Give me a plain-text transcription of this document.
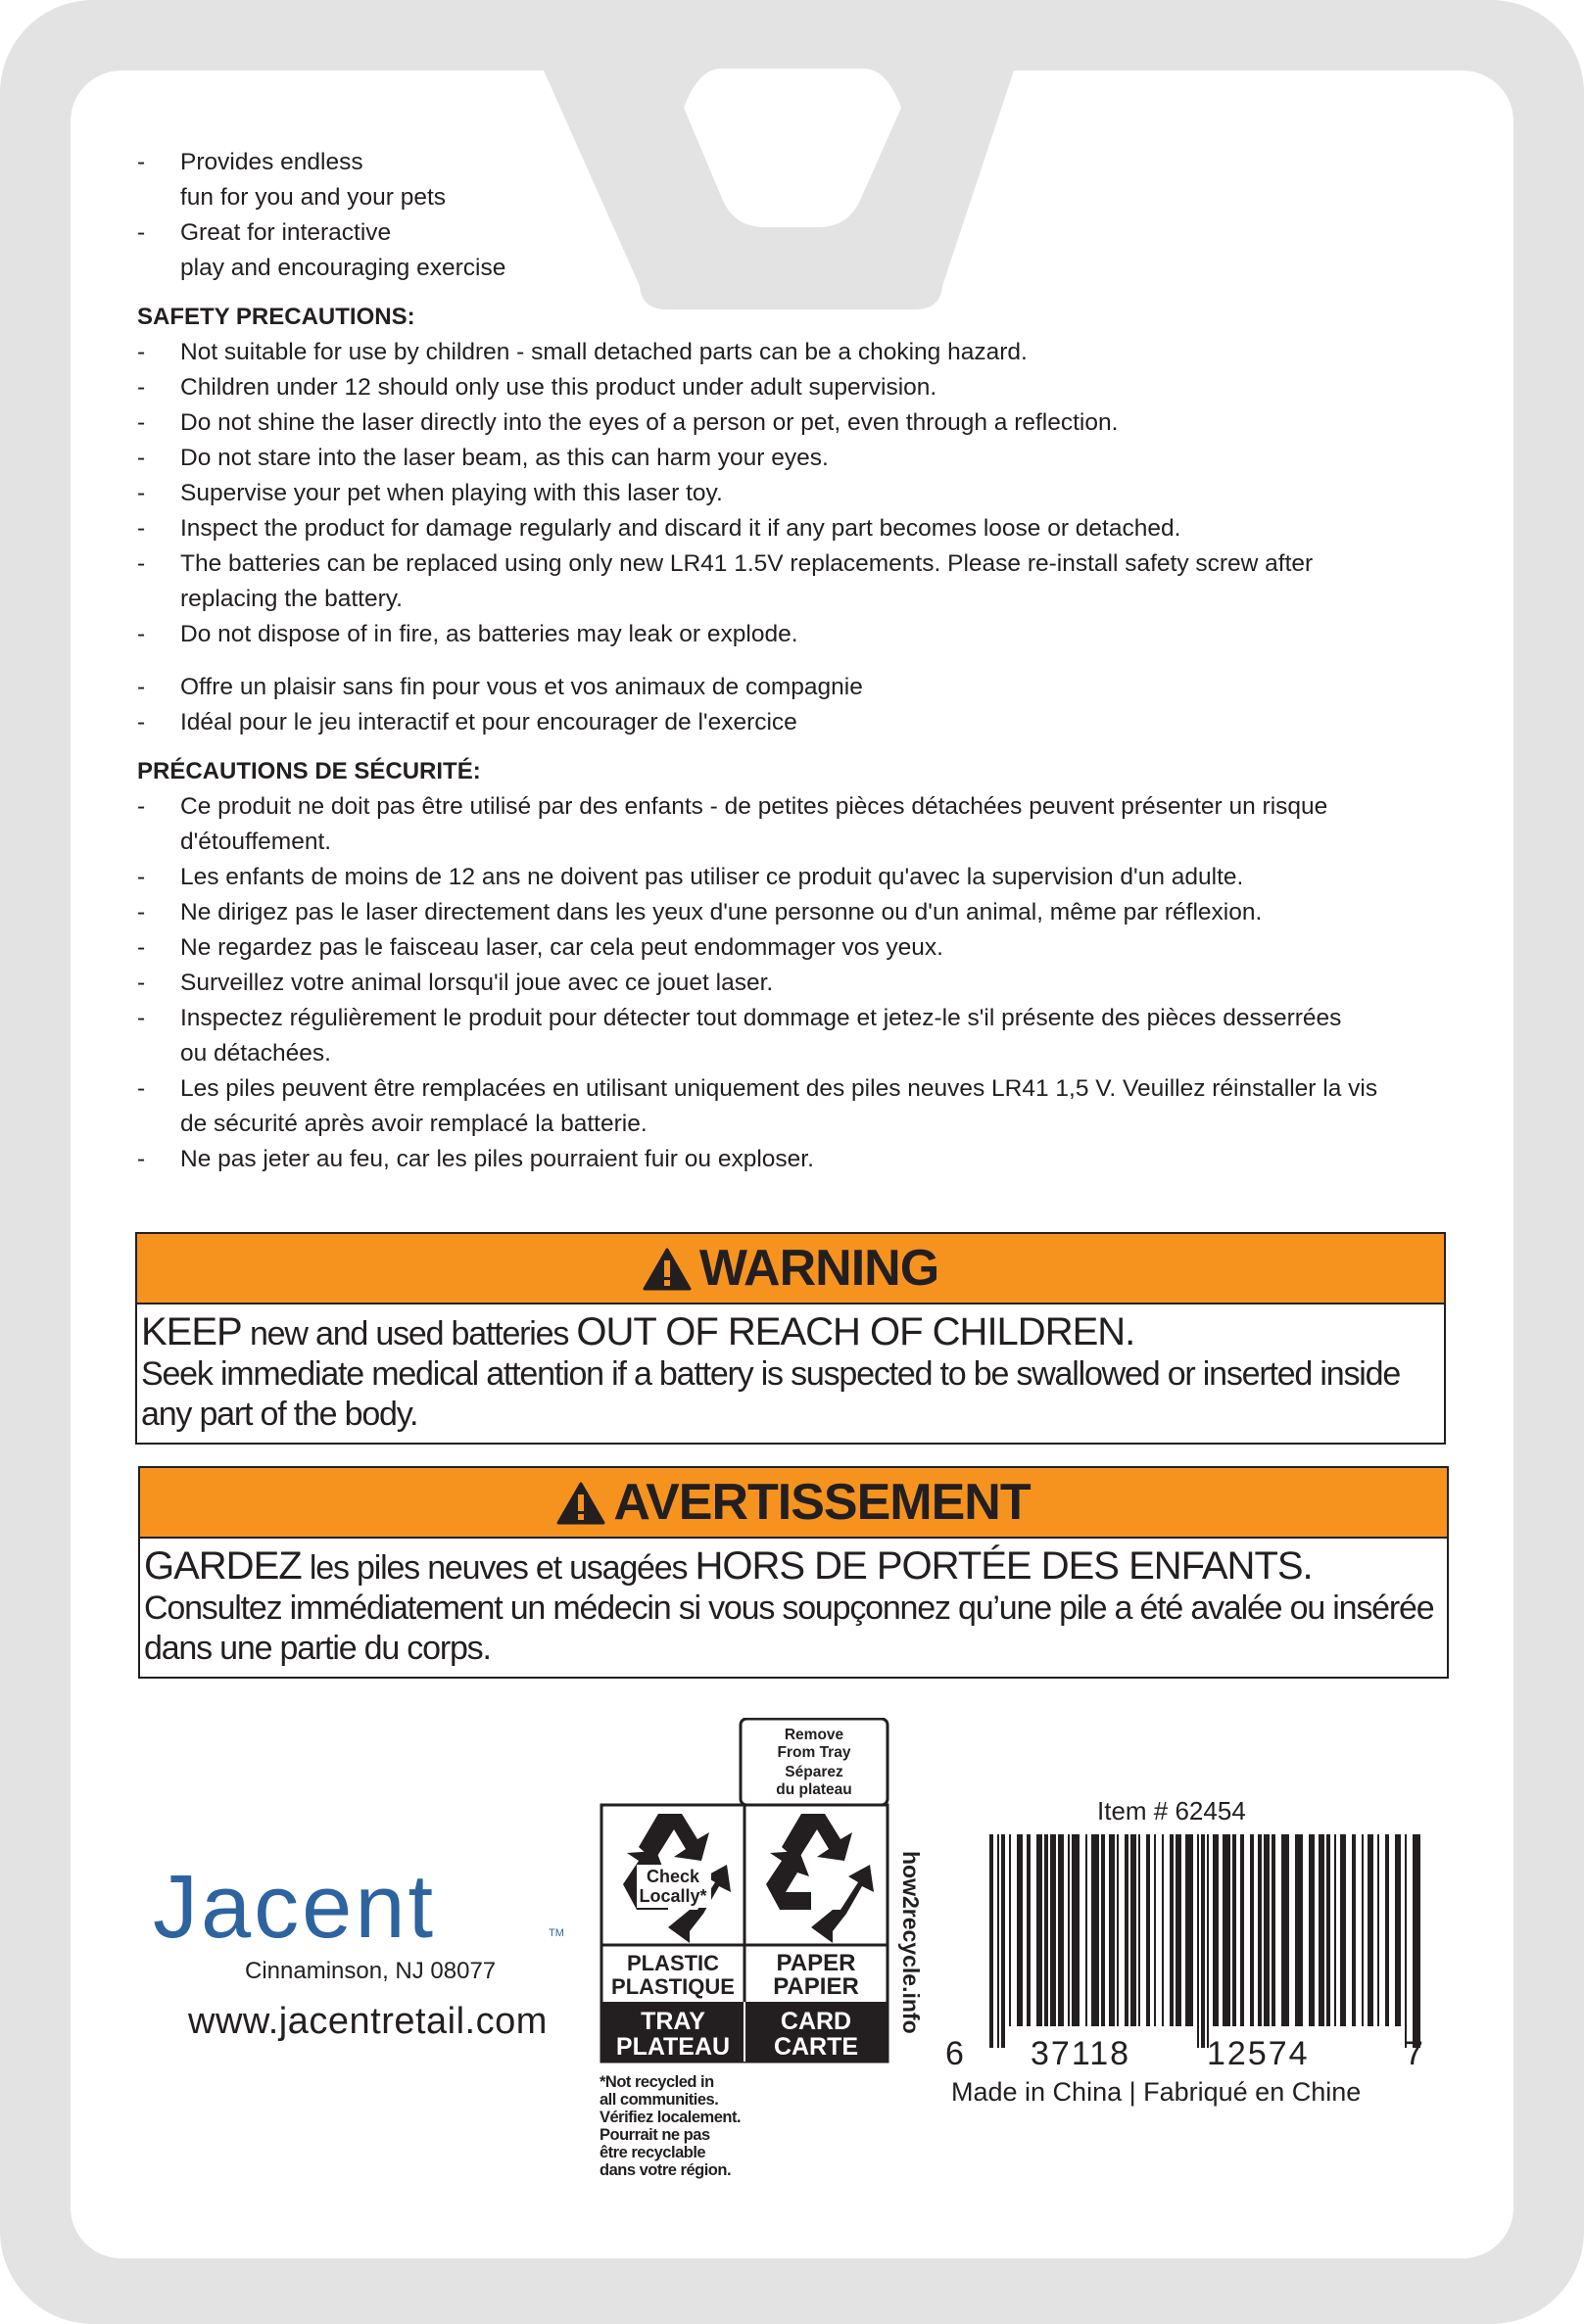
- Provides endless
fun for you and your pets
- Great for interactive
play and encouraging exercise
SAFETY PRECAUTIONS:
- Not suitable for use by children - small detached parts can be a choking hazard.
- Children under 12 should only use this product under adult supervision.
- Do not shine the laser directly into the eyes of a person or pet, even through a reflection.
- Do not stare into the laser beam, as this can harm your eyes.
- Supervise your pet when playing with this laser toy.
- Inspect the product for damage regularly and discard it if any part becomes loose or detached.
- The batteries can be replaced using only new LR41 1.5V replacements. Please re-install safety screw after
replacing the battery.
- Do not dispose of in fire, as batteries may leak or explode.
- Offre un plaisir sans fin pour vous et vos animaux de compagnie
- Idéal pour le jeu interactif et pour encourager de l'exercice
PRÉCAUTIONS DE SÉCURITÉ:
- Ce produit ne doit pas être utilisé par des enfants - de petites pièces détachées peuvent présenter un risque
d'étouffement.
- Les enfants de moins de 12 ans ne doivent pas utiliser ce produit qu'avec la supervision d'un adulte.
- Ne dirigez pas le laser directement dans les yeux d'une personne ou d'un animal, même par réflexion.
- Ne regardez pas le faisceau laser, car cela peut endommager vos yeux.
- Surveillez votre animal lorsqu'il joue avec ce jouet laser.
- Inspectez régulièrement le produit pour détecter tout dommage et jetez-le s'il présente des pièces desserrées
ou détachées.
- Les piles peuvent être remplacées en utilisant uniquement des piles neuves LR41 1,5 V. Veuillez réinstaller la vis
de sécurité après avoir remplacé la batterie.
- Ne pas jeter au feu, car les piles pourraient fuir ou exploser.
WARNING
KEEP new and used batteries OUT OF REACH OF CHILDREN.
Seek immediate medical attention if a battery is suspected to be swallowed or inserted inside
any part of the body.
AVERTISSEMENT
GARDEZ les piles neuves et usagées HORS DE PORTÉE DES ENFANTS.
Consultez immédiatement un médecin si vous soupçonnez qu’une pile a été avalée ou insérée
dans une partie du corps.
Jacent	TM
Cinnaminson, NJ 08077
www.jacentretail.com
Remove
From Tray
Séparez
du plateau
Check
Locally*
PLASTIC
PLASTIQUE
PAPER
PAPIER
TRAY
PLATEAU
CARD
CARTE
how2recycle.info
*Not recycled in
all communities.
Vérifiez localement.
Pourrait ne pas
être recyclable
dans votre région.
Item # 62454
6 37118 12574	7
Made in China | Fabriqué en Chine
